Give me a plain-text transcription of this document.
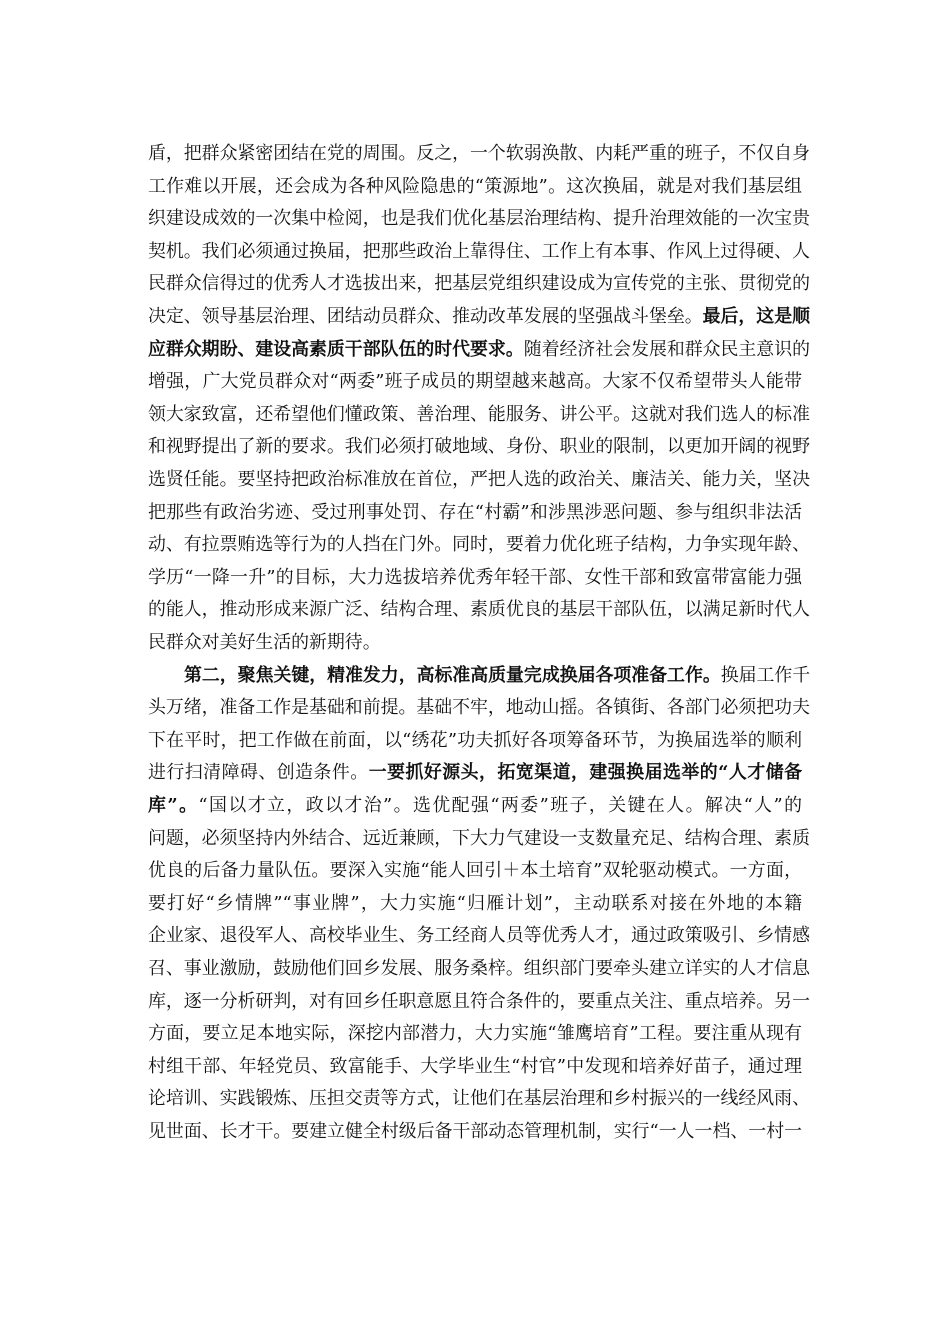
盾，把群众紧密团结在党的周围。反之，一个软弱涣散、内耗严重的班子，不仅自身
工作难以开展，还会成为各种风险隐患的“策源地”。这次换届，就是对我们基层组
织建设成效的一次集中检阅，也是我们优化基层治理结构、提升治理效能的一次宝贵
契机。我们必须通过换届，把那些政治上靠得住、工作上有本事、作风上过得硬、人
民群众信得过的优秀人才选拔出来，把基层党组织建设成为宣传党的主张、贯彻党的
决定、领导基层治理、团结动员群众、推动改革发展的坚强战斗堡垒。最后，这是顺
应群众期盼、建设高素质干部队伍的时代要求。随着经济社会发展和群众民主意识的
增强，广大党员群众对“两委”班子成员的期望越来越高。大家不仅希望带头人能带
领大家致富，还希望他们懂政策、善治理、能服务、讲公平。这就对我们选人的标准
和视野提出了新的要求。我们必须打破地域、身份、职业的限制，以更加开阔的视野
选贤任能。要坚持把政治标准放在首位，严把人选的政治关、廉洁关、能力关，坚决
把那些有政治劣迹、受过刑事处罚、存在“村霸”和涉黑涉恶问题、参与组织非法活
动、有拉票贿选等行为的人挡在门外。同时，要着力优化班子结构，力争实现年龄、
学历“一降一升”的目标，大力选拔培养优秀年轻干部、女性干部和致富带富能力强
的能人，推动形成来源广泛、结构合理、素质优良的基层干部队伍，以满足新时代人
民群众对美好生活的新期待。
第二，聚焦关键，精准发力，高标准高质量完成换届各项准备工作。换届工作千
头万绪，准备工作是基础和前提。基础不牢，地动山摇。各镇街、各部门必须把功夫
下在平时，把工作做在前面，以“绣花”功夫抓好各项筹备环节，为换届选举的顺利
进行扫清障碍、创造条件。一要抓好源头，拓宽渠道，建强换届选举的“人才储备
库”。“国以才立，政以才治”。选优配强“两委”班子，关键在人。解决“人”的
问题，必须坚持内外结合、远近兼顾，下大力气建设一支数量充足、结构合理、素质
优良的后备力量队伍。要深入实施“能人回引＋本土培育”双轮驱动模式。一方面，
要打好“乡情牌”“事业牌”，大力实施“归雁计划”，主动联系对接在外地的本籍
企业家、退役军人、高校毕业生、务工经商人员等优秀人才，通过政策吸引、乡情感
召、事业激励，鼓励他们回乡发展、服务桑梓。组织部门要牵头建立详实的人才信息
库，逐一分析研判，对有回乡任职意愿且符合条件的，要重点关注、重点培养。另一
方面，要立足本地实际，深挖内部潜力，大力实施“雏鹰培育”工程。要注重从现有
村组干部、年轻党员、致富能手、大学毕业生“村官”中发现和培养好苗子，通过理
论培训、实践锻炼、压担交责等方式，让他们在基层治理和乡村振兴的一线经风雨、
见世面、长才干。要建立健全村级后备干部动态管理机制，实行“一人一档、一村一
